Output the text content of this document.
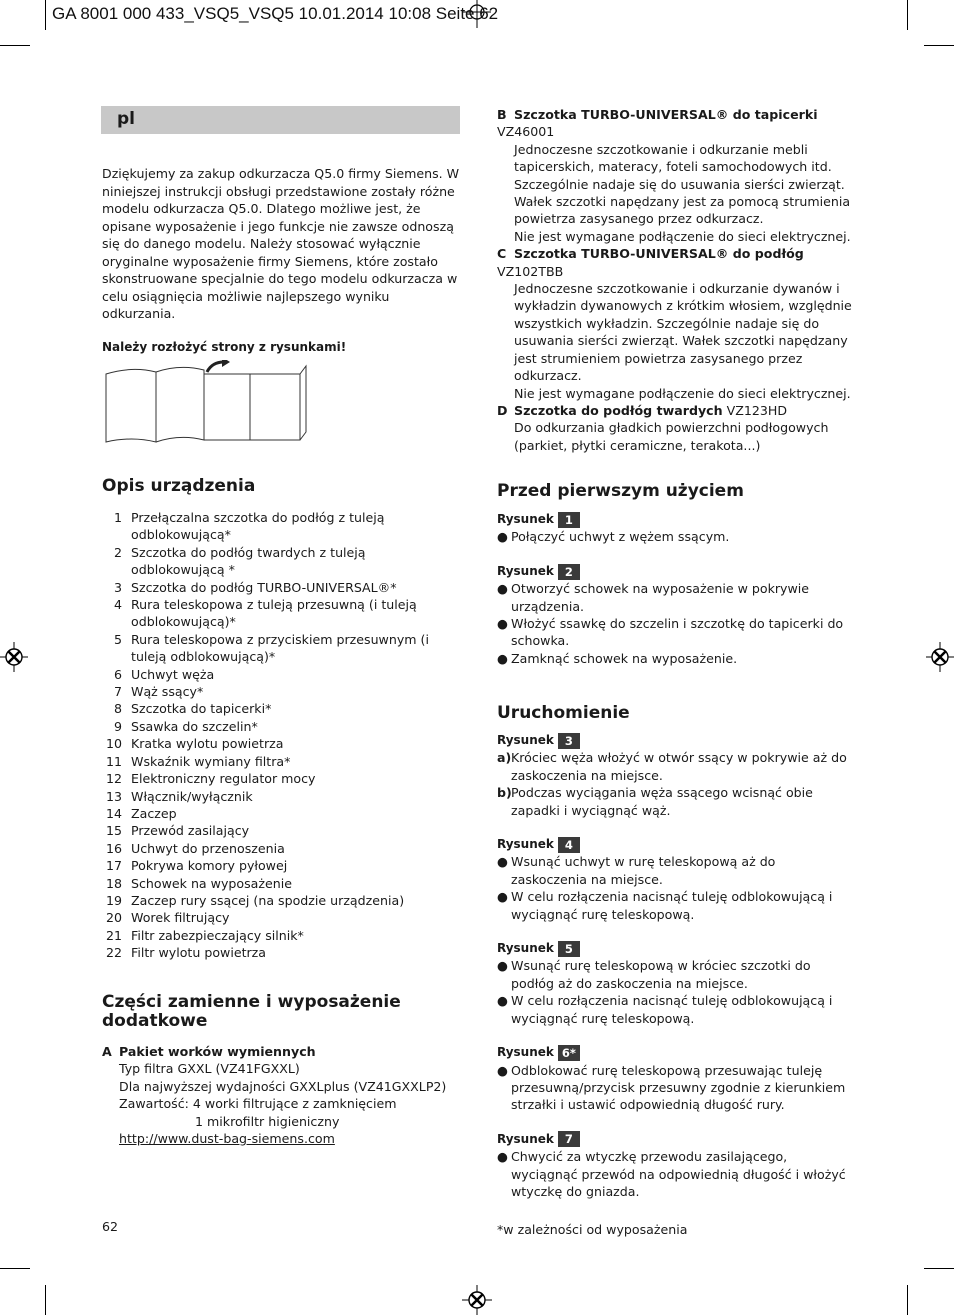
GA 8001 000 433_VSQ5_VSQ5 10.01.2014 10:08 Seite 62
pl
Dziękujemy za zakup odkurzacza Q5.0 firmy Siemens. W niniejszej instrukcji obsługi przedstawione zostały różne modelu odkurzacza Q5.0. Dlatego możliwe jest, że opisane wyposażenie i jego funkcje nie zawsze odnoszą się do danego modelu. Należy stosować wyłącznie oryginalne wyposażenie firmy Siemens, które zostało skonstruowane specjalnie do tego modelu odkurzacza w celu osiągnięcia możliwie najlepszego wyniku odkurzania.
Należy rozłożyć strony z rysunkami!
Opis urządzenia
1 Przełączalna szczotka do podłóg z tuleją odblokowującą*
2 Szczotka do podłóg twardych z tuleją odblokowującą *
3 Szczotka do podłóg TURBO-UNIVERSAL®*
4 Rura teleskopowa z tuleją przesuwną (i tuleją odblokowującą)*
5 Rura teleskopowa z przyciskiem przesuwnym (i tuleją odblokowującą)*
6 Uchwyt węża
7 Wąż ssący*
8 Szczotka do tapicerki*
9 Ssawka do szczelin*
10 Kratka wylotu powietrza
11 Wskaźnik wymiany filtra*
12 Elektroniczny regulator mocy
13 Włącznik/wyłącznik
14 Zaczep
15 Przewód zasilający
16 Uchwyt do przenoszenia
17 Pokrywa komory pyłowej
18 Schowek na wyposażenie
19 Zaczep rury ssącej (na spodzie urządzenia)
20 Worek filtrujący
21 Filtr zabezpieczający silnik*
22 Filtr wylotu powietrza
Części zamienne i wyposażenie dodatkowe
A Pakiet worków wymiennych
Typ filtra GXXL (VZ41FGXXL)
Dla najwyższej wydajności GXXLplus (VZ41GXXLP2)
Zawartość: 4 worki filtrujące z zamknięciem
1 mikrofiltr higieniczny
http://www.dust-bag-siemens.com
62
B Szczotka TURBO-UNIVERSAL® do tapicerki VZ46001
Jednoczesne szczotkowanie i odkurzanie mebli tapicerskich, materacy, foteli samochodowych itd. Szczególnie nadaje się do usuwania sierści zwierząt. Wałek szczotki napędzany jest za pomocą strumienia powietrza zasysanego przez odkurzacz.
Nie jest wymagane podłączenie do sieci elektrycznej.
C Szczotka TURBO-UNIVERSAL® do podłóg VZ102TBB
Jednoczesne szczotkowanie i odkurzanie dywanów i wykładzin dywanowych z krótkim włosiem, względnie wszystkich wykładzin. Szczególnie nadaje się do usuwania sierści zwierząt. Wałek szczotki napędzany jest strumieniem powietrza zasysanego przez odkurzacz.
Nie jest wymagane podłączenie do sieci elektrycznej.
D Szczotka do podłóg twardych VZ123HD
Do odkurzania gładkich powierzchni podłogowych (parkiet, płytki ceramiczne, terakota...)
Przed pierwszym użyciem
Rysunek 1
● Połączyć uchwyt z wężem ssącym.
Rysunek 2
● Otworzyć schowek na wyposażenie w pokrywie urządzenia.
● Włożyć ssawkę do szczelin i szczotkę do tapicerki do schowka.
● Zamknąć schowek na wyposażenie.
Uruchomienie
Rysunek 3
a) Króciec węża włożyć w otwór ssący w pokrywie aż do zaskoczenia na miejsce.
b) Podczas wyciągania węża ssącego wcisnąć obie zapadki i wyciągnąć wąż.
Rysunek 4
● Wsunąć uchwyt w rurę teleskopową aż do zaskoczenia na miejsce.
● W celu rozłączenia nacisnąć tuleję odblokowującą i wyciągnąć rurę teleskopową.
Rysunek 5
● Wsunąć rurę teleskopową w króciec szczotki do podłóg aż do zaskoczenia na miejsce.
● W celu rozłączenia nacisnąć tuleję odblokowującą i wyciągnąć rurę teleskopową.
Rysunek 6*
● Odblokować rurę teleskopową przesuwając tuleję przesuwną/przycisk przesuwny zgodnie z kierunkiem strzałki i ustawić odpowiednią długość rury.
Rysunek 7
● Chwycić za wtyczkę przewodu zasilającego, wyciągnąć przewód na odpowiednią długość i włożyć wtyczkę do gniazda.
*w zależności od wyposażenia
